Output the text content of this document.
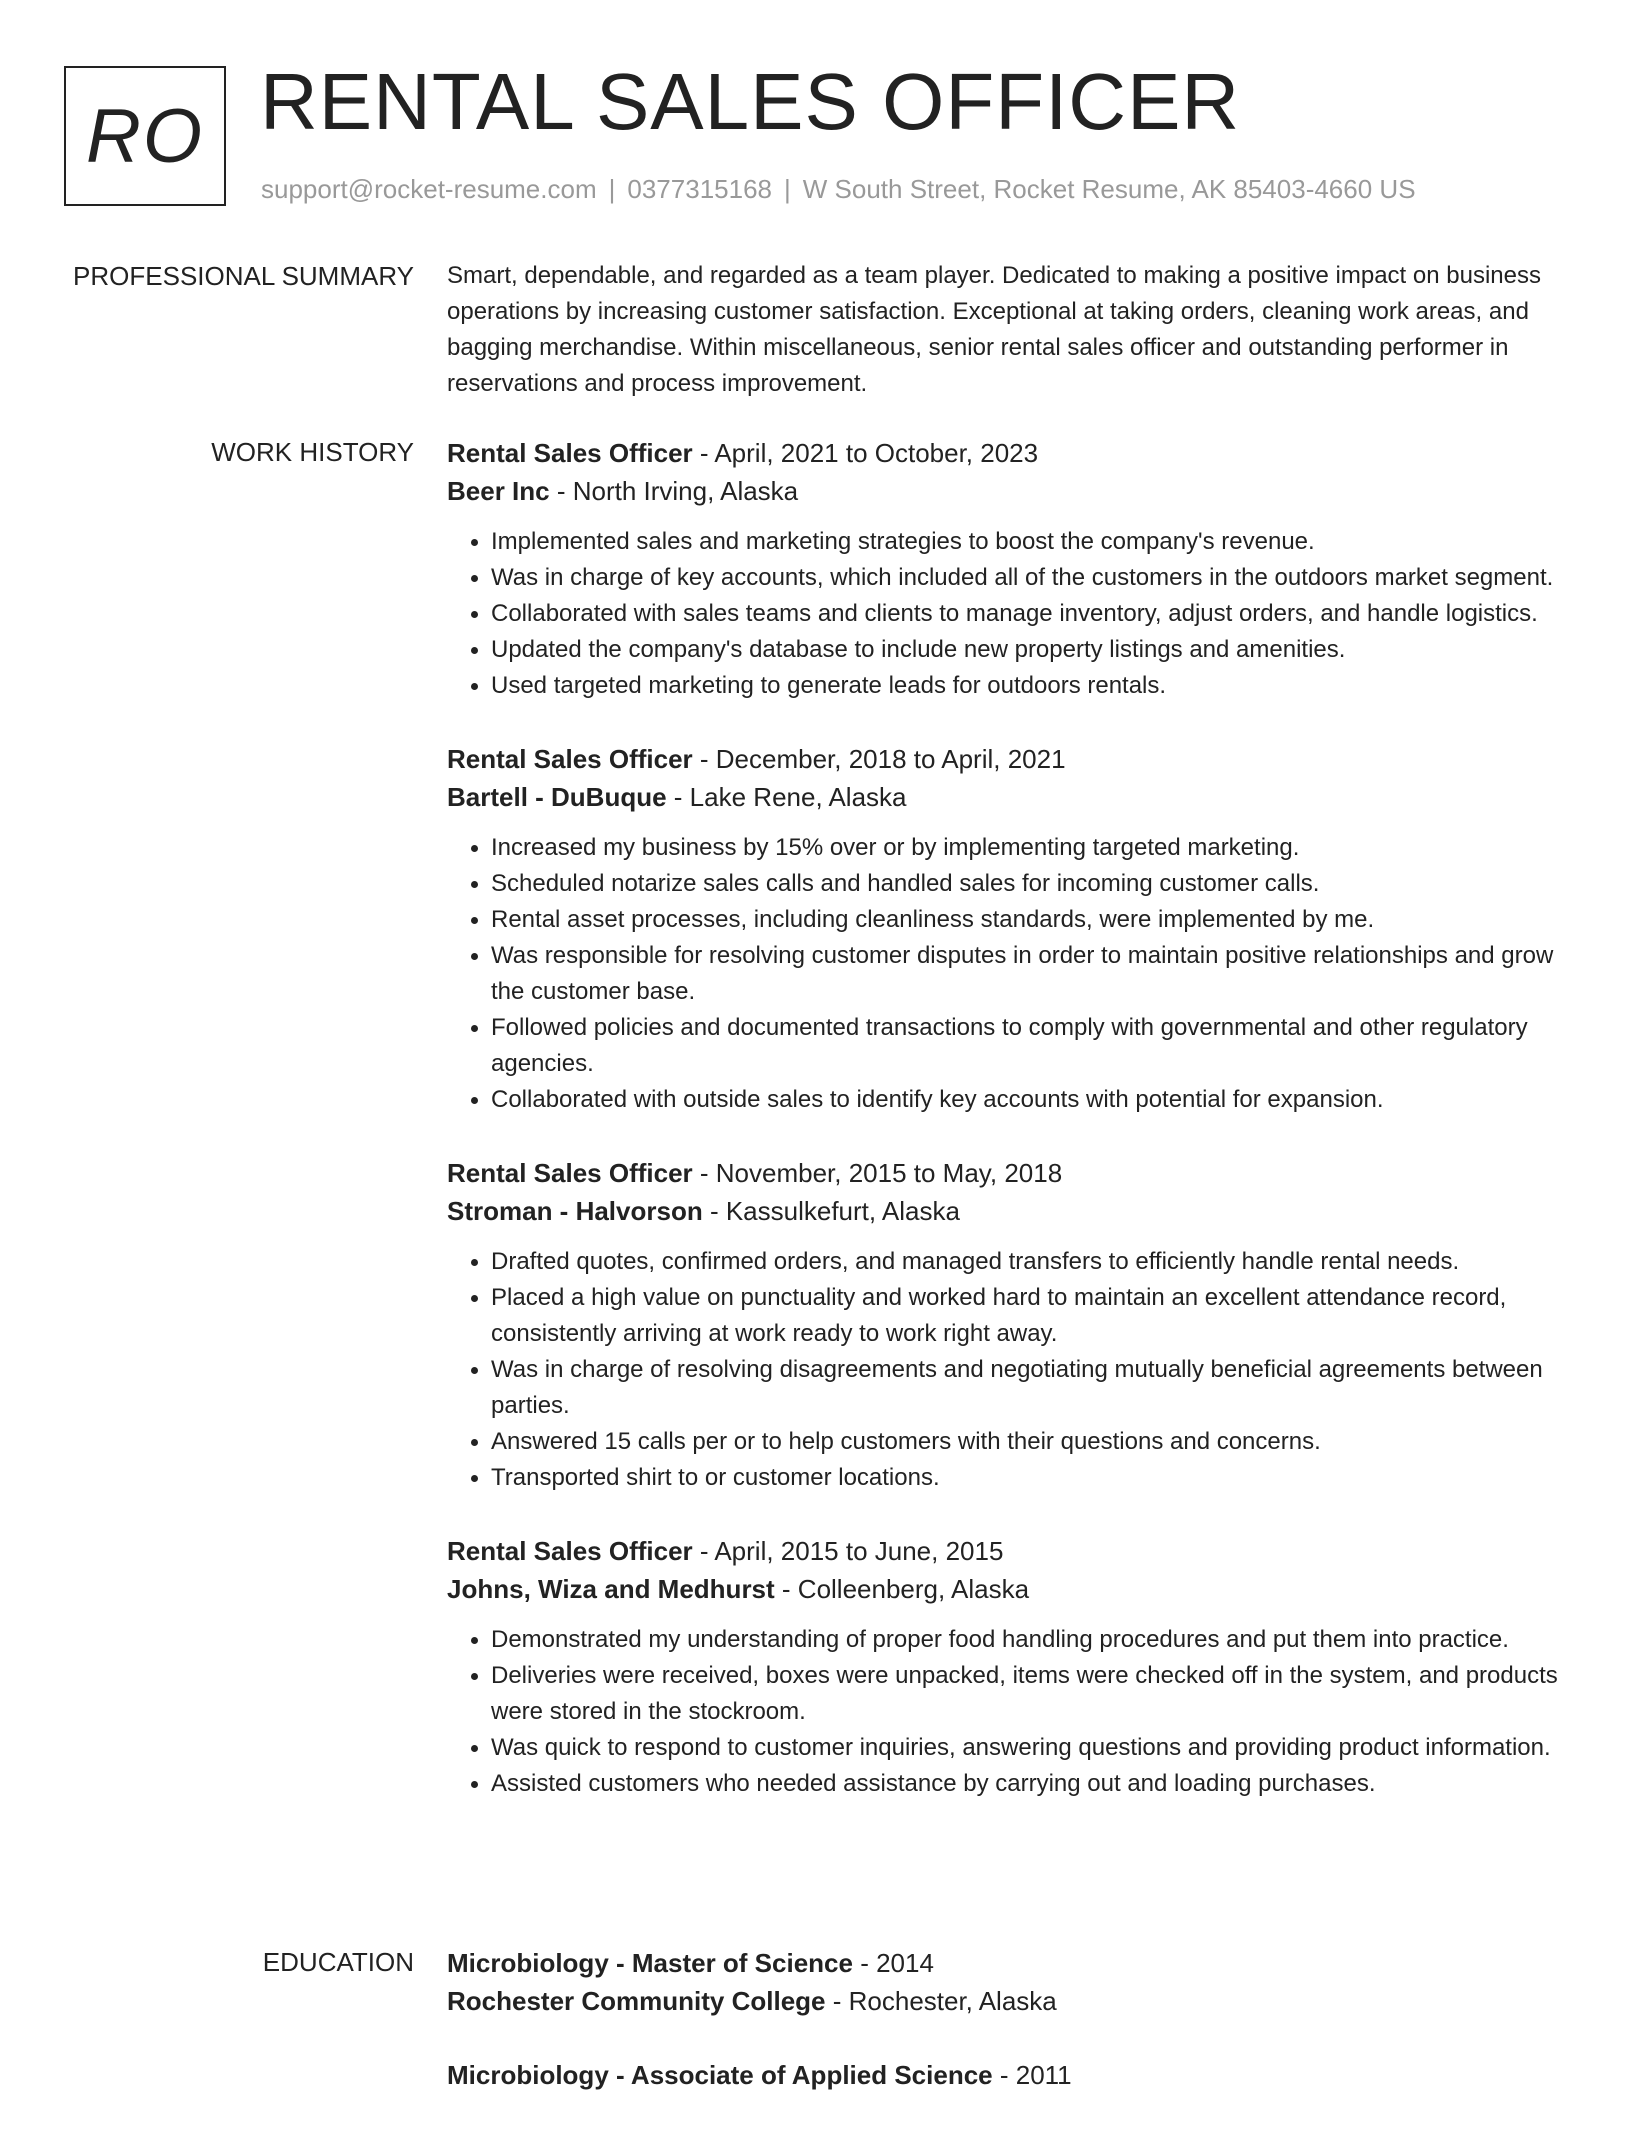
RO RENTAL SALES OFFICER
support@rocket-resume.com | 0377315168 | W South Street, Rocket Resume, AK 85403-4660 US
PROFESSIONAL SUMMARY Smart, dependable, and regarded as a team player. Dedicated to making a positive impact on business operations by increasing customer satisfaction. Exceptional at taking orders, cleaning work areas, and bagging merchandise. Within miscellaneous, senior rental sales officer and outstanding performer in reservations and process improvement.

WORK HISTORY Rental Sales Officer - April, 2021 to October, 2023

Beer Inc - North Irving, Alaska

• Implemented sales and marketing strategies to boost the company's revenue.
• Was in charge of key accounts, which included all of the customers in the outdoors market segment.
• Collaborated with sales teams and clients to manage inventory, adjust orders, and handle logistics.
• Updated the company's database to include new property listings and amenities.
• Used targeted marketing to generate leads for outdoors rentals.

Rental Sales Officer - December, 2018 to April, 2021

Bartell - DuBuque - Lake Rene, Alaska

• Increased my business by 15% over or by implementing targeted marketing.
• Scheduled notarize sales calls and handled sales for incoming customer calls.
• Rental asset processes, including cleanliness standards, were implemented by me.
• Was responsible for resolving customer disputes in order to maintain positive relationships and grow the customer base.
• Followed policies and documented transactions to comply with governmental and other regulatory agencies.
• Collaborated with outside sales to identify key accounts with potential for expansion.

Rental Sales Officer - November, 2015 to May, 2018

Stroman - Halvorson - Kassulkefurt, Alaska

• Drafted quotes, confirmed orders, and managed transfers to efficiently handle rental needs.
• Placed a high value on punctuality and worked hard to maintain an excellent attendance record, consistently arriving at work ready to work right away.
• Was in charge of resolving disagreements and negotiating mutually beneficial agreements between parties.
• Answered 15 calls per or to help customers with their questions and concerns.
• Transported shirt to or customer locations.

Rental Sales Officer - April, 2015 to June, 2015

Johns, Wiza and Medhurst - Colleenberg, Alaska

• Demonstrated my understanding of proper food handling procedures and put them into practice.
• Deliveries were received, boxes were unpacked, items were checked off in the system, and products were stored in the stockroom.
• Was quick to respond to customer inquiries, answering questions and providing product information.
• Assisted customers who needed assistance by carrying out and loading purchases.
EDUCATION Microbiology - Master of Science - 2014

Rochester Community College - Rochester, Alaska

Microbiology - Associate of Applied Science - 2011
